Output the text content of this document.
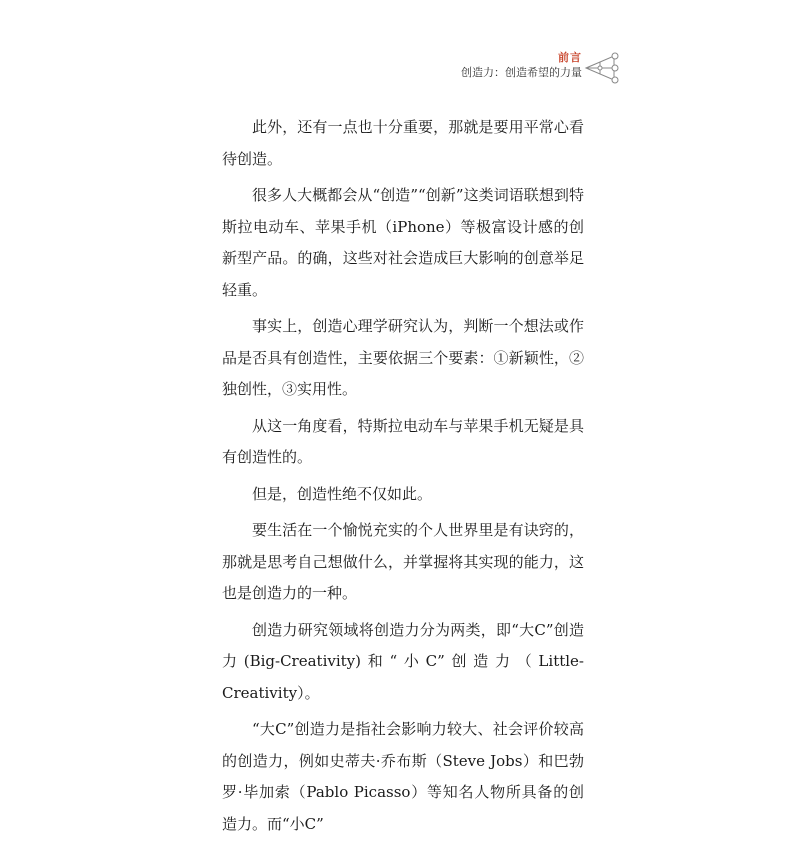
前言
创造力：创造希望的力量

此外，还有一点也十分重要，那就是要用平常心看待创造。

很多人大概都会从“创造”“创新”这类词语联想到特斯拉电动车、苹果手机（iPhone）等极富设计感的创新型产品。的确，这些对社会造成巨大影响的创意举足轻重。

事实上，创造心理学研究认为，判断一个想法或作品是否具有创造性，主要依据三个要素：①新颖性，②独创性，③实用性。

从这一角度看，特斯拉电动车与苹果手机无疑是具有创造性的。

但是，创造性绝不仅如此。

要生活在一个愉悦充实的个人世界里是有诀窍的，那就是思考自己想做什么，并掌握将其实现的能力，这也是创造力的一种。

创造力研究领域将创造力分为两类，即“大C”创造力(Big-Creativity)和“小C”创造力（Little-Creativity）。

“大C”创造力是指社会影响力较大、社会评价较高的创造力，例如史蒂夫·乔布斯（Steve Jobs）和巴勃罗·毕加索（Pablo Picasso）等知名人物所具备的创造力。而“小C”
